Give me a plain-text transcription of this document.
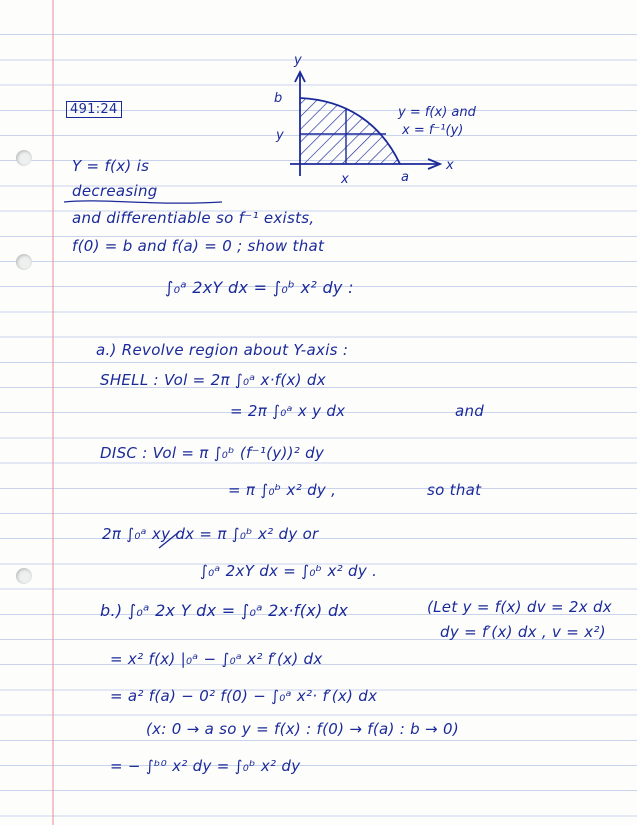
491:24
y
b
y
x	a
x
y = f(x) and
x = f⁻¹(y)
Y = f(x) is
decreasing
and differentiable so f⁻¹ exists,
f(0) = b and f(a) = 0 ; show that
∫₀ᵃ 2xY dx = ∫₀ᵇ x² dy :
a.) Revolve region about Y-axis :
SHELL : Vol = 2π ∫₀ᵃ x·f(x) dx
= 2π ∫₀ᵃ x y dx	and
DISC : Vol = π ∫₀ᵇ (f⁻¹(y))² dy
= π ∫₀ᵇ x² dy ,	so that
2π ∫₀ᵃ xy dx = π ∫₀ᵇ x² dy or
∫₀ᵃ 2xY dx = ∫₀ᵇ x² dy .
b.) ∫₀ᵃ 2x Y dx = ∫₀ᵃ 2x·f(x) dx	(Let y = f(x) dv = 2x dx
dy = f′(x) dx , v = x²)
= x² f(x) |₀ᵃ − ∫₀ᵃ x² f′(x) dx
= a² f(a) − 0² f(0) − ∫₀ᵃ x²· f′(x) dx
(x: 0 → a so y = f(x) : f(0) → f(a) : b → 0)
= − ∫ᵇ⁰ x² dy = ∫₀ᵇ x² dy
